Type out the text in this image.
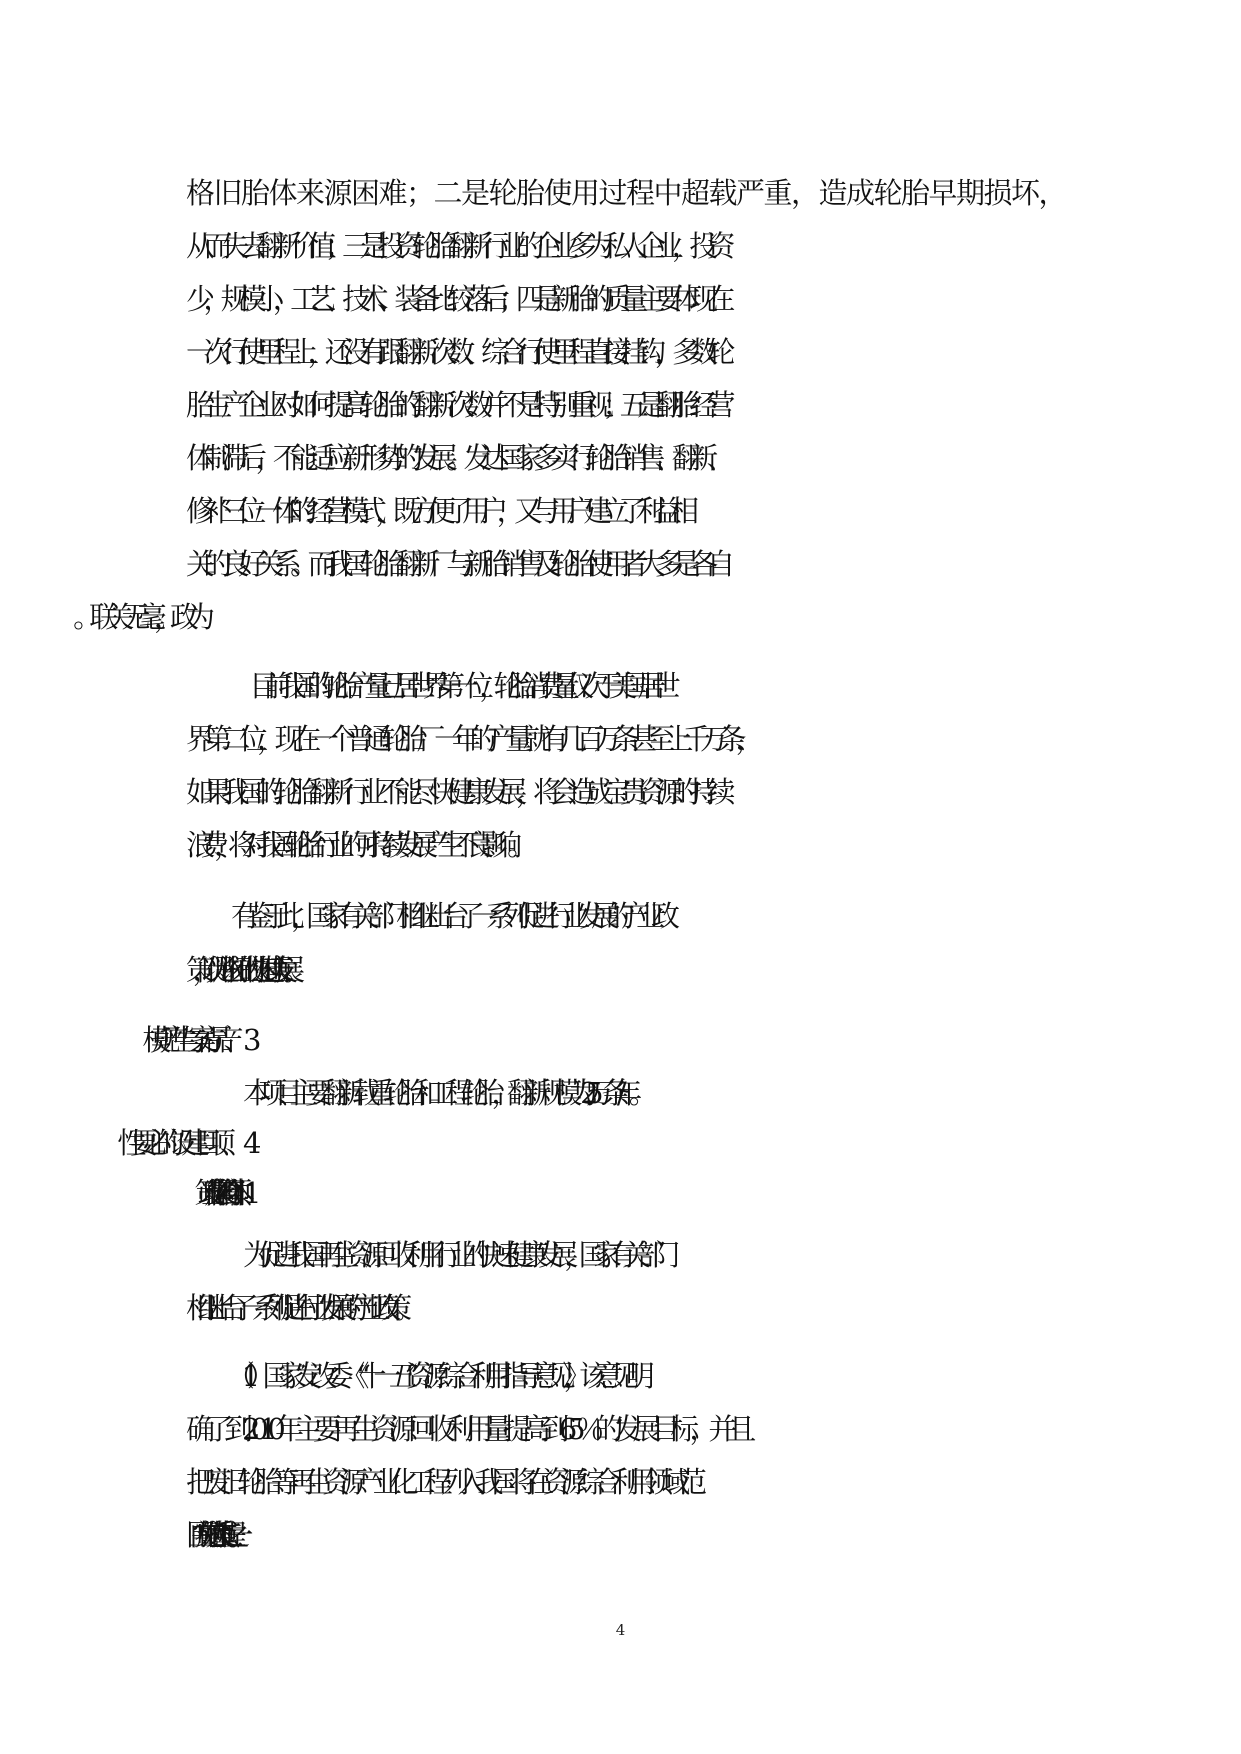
格旧胎体来源困难；二是轮胎使用过程中超载严重，造成轮胎早期损坏，
从而失去翻新价值；三是投资轮胎翻新行业的企业多为私人企业，投资
少，规模小，工艺、技术、装备比较落后；四是新胎的质量主要体现在
一次行使里程上，还没有跟翻新次数、综合行使里程直接挂钩，多数轮
胎生产企业对如何提高轮胎的翻新次数并不是特别重视；五是翻胎经营
体制滞后，不能适应新形势的发展。发达国家多实行轮胎销售、翻新、
修补″三位一体″的经营模式，既方便了用户，又与用户建立了利益相
关的良好关系。而我国轮胎翻新厂与新胎销售及轮胎使用者大多是各自
目前我国的轮胎产量已居世界第一位，轮胎消费量仅次于美国居世
界第二位，现在一个普通轮胎厂一年的产量就有几百万条甚至上千万条，
如果我国的轮胎翻新行业不能尽快健康发展，将会造成宝贵资源的持续
浪费，将对我国轮胎行业的可持续发展产生不良影响。
有鉴于此，国家有关部门相继出台了一系列促进行业发展的产业政
策，以促进该行业的快速健康发展。
本项目主要翻新载重轮胎和工程轮胎，翻新规模为 25 万条/年。
为促进我国再生资源回收利用行业的快速健康发展，国家有关部门
相继出台了一系列促进行业发展的产业政策。
（1）国家发改委《“十一五”资源综合利用指导意见》，该意见明
确了到 2010 年主要再生资源回收利用量提高到 65％的发展目标，并且
把废旧轮胎等再生资源产业化工程列入我国将在资源综合利用领域范
围内实施的六大重点工程之一。
4
